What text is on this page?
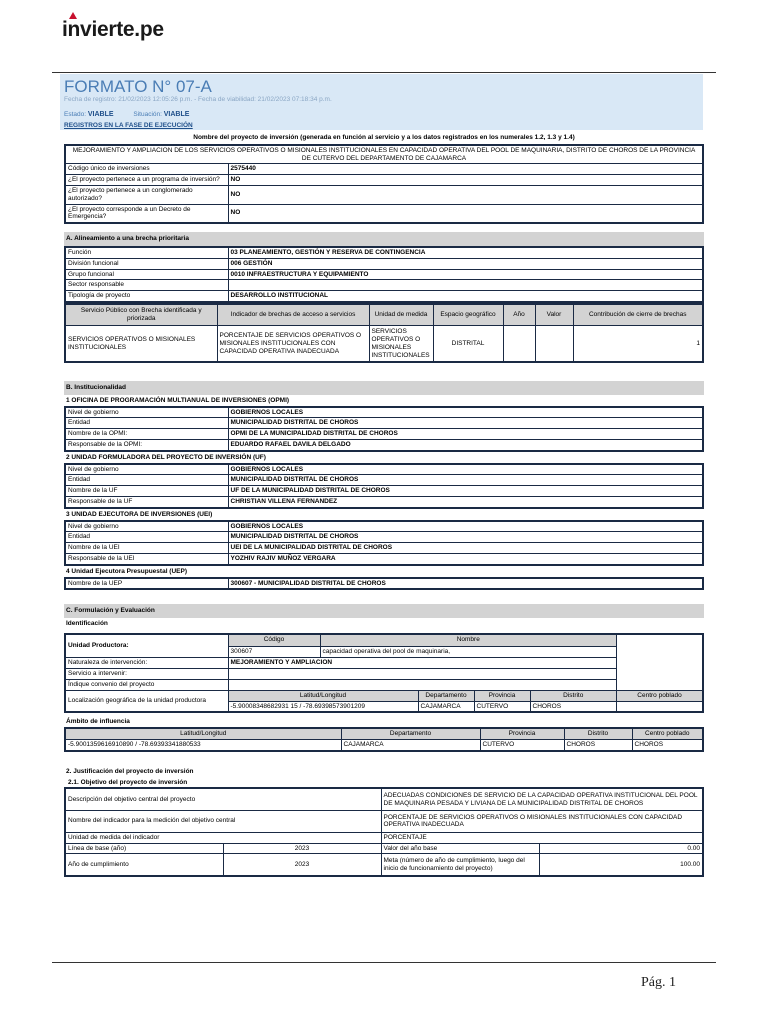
invierte.pe
FORMATO N° 07-A
Fecha de registro: 21/02/2023 12:05:26 p.m. - Fecha de viabilidad: 21/02/2023 07:18:34 p.m.
Estado: VIABLE	Situación: VIABLE
REGISTROS EN LA FASE DE EJECUCIÓN
Nombre del proyecto de inversión (generada en función al servicio y a los datos registrados en los numerales 1.2, 1.3 y 1.4)
MEJORAMIENTO Y AMPLIACION DE LOS SERVICIOS OPERATIVOS O MISIONALES INSTITUCIONALES EN CAPACIDAD OPERATIVA DEL POOL DE MAQUINARIA, DISTRITO DE CHOROS DE LA PROVINCIA DE CUTERVO DEL DEPARTAMENTO DE CAJAMARCA	
Código único de inversiones	2575440
¿El proyecto pertenece a un programa de inversión?	NO
¿El proyecto pertenece a un conglomerado autorizado?	NO
¿El proyecto corresponde a un Decreto de Emergencia?	NO
A. Alineamiento a una brecha prioritaria
Función	03 PLANEAMIENTO, GESTIÓN Y RESERVA DE CONTINGENCIA
División funcional	006 GESTIÓN
Grupo funcional	0010 INFRAESTRUCTURA Y EQUIPAMIENTO
Sector responsable	
Tipología de proyecto	DESARROLLO INSTITUCIONAL
Servicio Público con Brecha identificada y priorizada	Indicador de brechas de acceso a servicios	Unidad de medida	Espacio geográfico	Año	Valor	Contribución de cierre de brechas
SERVICIOS OPERATIVOS O MISIONALES INSTITUCIONALES	PORCENTAJE DE SERVICIOS OPERATIVOS O MISIONALES INSTITUCIONALES CON CAPACIDAD OPERATIVA INADECUADA	SERVICIOS OPERATIVOS O MISIONALES INSTITUCIONALES	DISTRITAL			1
B. Institucionalidad
1 OFICINA DE PROGRAMACIÓN MULTIANUAL DE INVERSIONES (OPMI)
Nivel de gobierno	GOBIERNOS LOCALES
Entidad	MUNICIPALIDAD DISTRITAL DE CHOROS
Nombre de la OPMI:	OPMI DE LA MUNICIPALIDAD DISTRITAL DE CHOROS
Responsable de la OPMI:	EDUARDO RAFAEL DAVILA DELGADO
2 UNIDAD FORMULADORA DEL PROYECTO DE INVERSIÓN (UF)
Nivel de gobierno	GOBIERNOS LOCALES
Entidad	MUNICIPALIDAD DISTRITAL DE CHOROS
Nombre de la UF	UF DE LA MUNICIPALIDAD DISTRITAL DE CHOROS
Responsable de la UF	CHRISTIAN VILLENA FERNANDEZ
3 UNIDAD EJECUTORA DE INVERSIONES (UEI)
Nivel de gobierno	GOBIERNOS LOCALES
Entidad	MUNICIPALIDAD DISTRITAL DE CHOROS
Nombre de la UEI	UEI DE LA MUNICIPALIDAD DISTRITAL DE CHOROS
Responsable de la UEI	YOZHIV RAJIV MUÑOZ VERGARA
4 Unidad Ejecutora Presupuestal (UEP)
Nombre de la UEP	300607 - MUNICIPALIDAD DISTRITAL DE CHOROS
C. Formulación y Evaluación
Identificación
Unidad Productora:	Código	Nombre				
	300607	capacidad operativa del pool de maquinaria,				
Naturaleza de intervención:	MEJORAMIENTO Y AMPLIACION					
Servicio a intervenir:						
Índique convenio del proyecto						
Localización geográfica de la unidad productora	Latitud/Longitud		Departamento	Provincia	Distrito	Centro poblado
	-5.90008348682931 15 / -78.69398573901209		CAJAMARCA	CUTERVO	CHOROS	
Ámbito de influencia
Latitud/Longitud	Departamento	Provincia	Distrito	Centro poblado
-5.9001359616910890 / -78.69393341880533	CAJAMARCA	CUTERVO	CHOROS	CHOROS
2. Justificación del proyecto de inversión
2.1. Objetivo del proyecto de inversión
Descripción del objetivo central del proyecto		ADECUADAS CONDICIONES DE SERVICIO DE LA CAPACIDAD OPERATIVA INSTITUCIONAL DEL POOL DE MAQUINARIA PESADA Y LIVIANA DE LA MUNICIPALIDAD DISTRITAL DE CHOROS	
Nombre del indicador para la medición del objetivo central		PORCENTAJE DE SERVICIOS OPERATIVOS O MISIONALES INSTITUCIONALES CON CAPACIDAD OPERATIVA INADECUADA	
Unidad de medida del indicador		PORCENTAJE	
Línea de base (año)	2023	Valor del año base	0.00
Año de cumplimiento	2023	Meta (número de año de cumplimiento, luego del inicio de funcionamiento del proyecto)	100.00
Pág. 1
